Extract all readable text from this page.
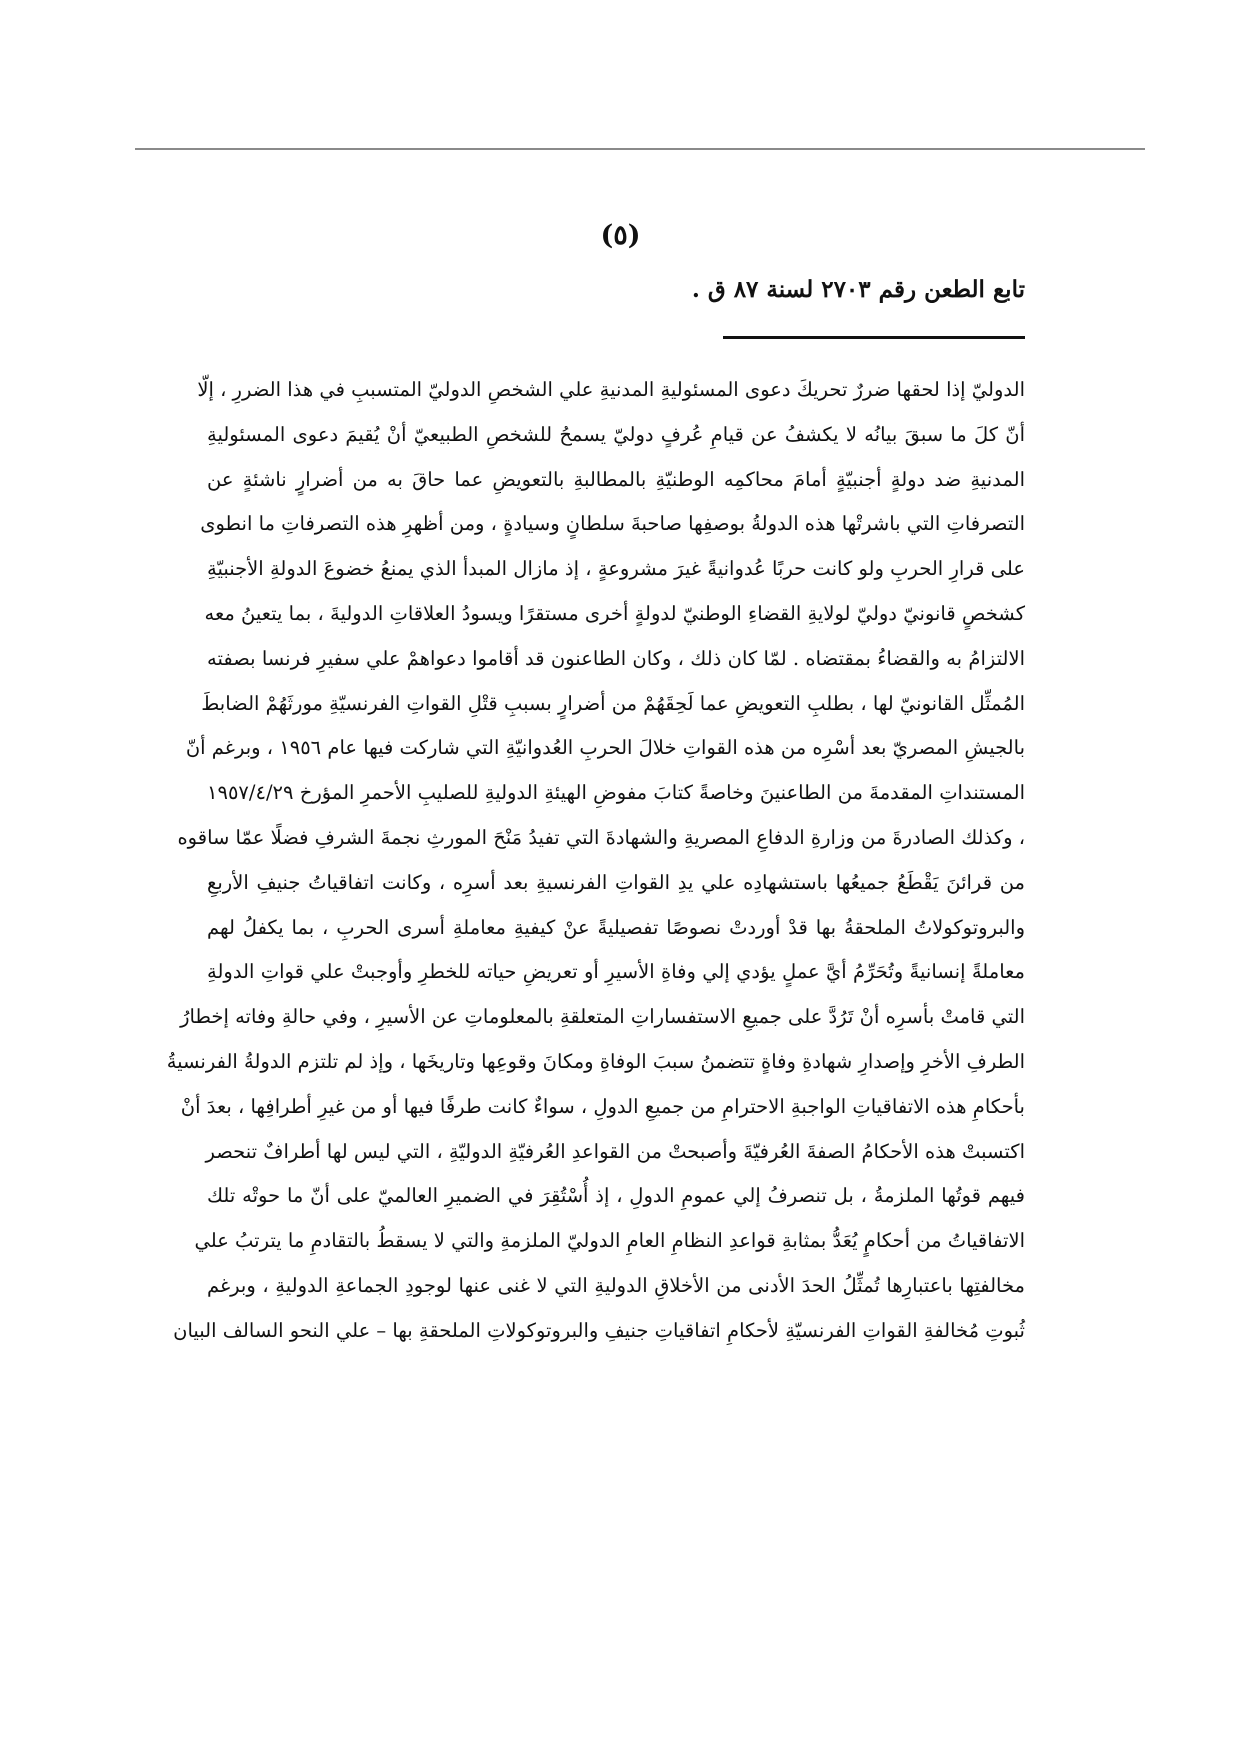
(٥)
تابع الطعن رقم ٢٧٠٣ لسنة ٨٧ ق .
الدوليّ إذا لحقها ضررٌ تحريكَ دعوى المسئوليةِ المدنيةِ علي الشخصِ الدوليّ المتسببِ في هذا الضررِ ، إلّا
أنّ كلَ ما سبقَ بيانُه لا يكشفُ عن قيامِ عُرفٍ دوليّ يسمحُ للشخصِ الطبيعيّ أنْ يُقيمَ دعوى المسئوليةِ
المدنيةِ ضد دولةٍ أجنبيّةٍ أمامَ محاكمِه الوطنيّةِ بالمطالبةِ بالتعويضِ عما حاقَ به من أضرارٍ ناشئةٍ عن
التصرفاتِ التي باشرتْها هذه الدولةُ بوصفِها صاحبةَ سلطانٍ وسيادةٍ ، ومن أظهرِ هذه التصرفاتِ ما انطوى
على قرارِ الحربِ ولو كانت حربًا عُدوانيةً غيرَ مشروعةٍ ، إذ مازال المبدأ الذي يمنعُ خضوعَ الدولةِ الأجنبيّةِ
كشخصٍ قانونيّ دوليّ لولايةِ القضاءِ الوطنيّ لدولةٍ أخرى مستقرًا ويسودُ العلاقاتِ الدوليةَ ، بما يتعينُ معه
الالتزامُ به والقضاءُ بمقتضاه . لمّا كان ذلك ، وكان الطاعنون قد أقاموا دعواهمْ علي سفيرِ فرنسا بصفته
المُمثِّل القانونيّ لها ، بطلبِ التعويضِ عما لَحِقَهُمْ من أضرارٍ بسببِ قتْلِ القواتِ الفرنسيّةِ مورثَهُمْ الضابطَ
بالجيشِ المصريّ بعد أسْرِه من هذه القواتِ خلالَ الحربِ العُدوانيّةِ التي شاركت فيها عام ١٩٥٦ ، وبرغم أنّ
المستنداتِ المقدمةَ من الطاعنينَ وخاصةً كتابَ مفوضِ الهيئةِ الدوليةِ للصليبِ الأحمرِ المؤرخ ١٩٥٧/٤/٢٩
، وكذلك الصادرةَ من وزارةِ الدفاعِ المصريةِ والشهادةَ التي تفيدُ مَنْحَ المورثِ نجمةَ الشرفِ فضلًا عمّا ساقوه
من قرائنَ يَقْطَعُ جميعُها باستشهادِه علي يدِ القواتِ الفرنسيةِ بعد أسرِه ، وكانت اتفاقياتُ جنيفِ الأربعِ
والبروتوكولاتُ الملحقةُ بها قدْ أوردتْ نصوصًا تفصيليةً عنْ كيفيةِ معاملةِ أسرى الحربِ ، بما يكفلُ لهم
معاملةً إنسانيةً وتُحَرِّمُ أيَّ عملٍ يؤدي إلي وفاةِ الأسيرِ أو تعريضِ حياته للخطرِ وأوجبتْ علي قواتِ الدولةِ
التي قامتْ بأسرِه أنْ تَرُدَّ على جميعِ الاستفساراتِ المتعلقةِ بالمعلوماتِ عن الأسيرِ ، وفي حالةِ وفاته إخطارُ
الطرفِ الأخرِ وإصدارِ شهادةِ وفاةٍ تتضمنُ سببَ الوفاةِ ومكانَ وقوعِها وتاريخَها ، وإذ لم تلتزم الدولةُ الفرنسيةُ
بأحكامِ هذه الاتفاقياتِ الواجبةِ الاحترامِ من جميعِ الدولِ ، سواءٌ كانت طرفًا فيها أو من غيرِ أطرافِها ، بعدَ أنْ
اكتسبتْ هذه الأحكامُ الصفةَ العُرفيّةَ وأصبحتْ من القواعدِ العُرفيّةِ الدوليّةِ ، التي ليس لها أطرافٌ تنحصر
فيهم قوتُها الملزمةُ ، بل تنصرفُ إلي عمومِ الدولِ ، إذ أُسْتُقِرَ في الضميرِ العالميّ على أنّ ما حوتْه تلك
الاتفاقياتُ من أحكامٍ يُعَدُّ بمثابةِ قواعدِ النظامِ العامِ الدوليّ الملزمةِ والتي لا يسقطُ بالتقادمِ ما يترتبُ علي
مخالفتِها باعتبارِها تُمثِّلُ الحدَ الأدنى من الأخلاقِ الدوليةِ التي لا غنى عنها لوجودِ الجماعةِ الدوليةِ ، وبرغم
ثُبوتِ مُخالفةِ القواتِ الفرنسيّةِ لأحكامِ اتفاقياتِ جنيفِ والبروتوكولاتِ الملحقةِ بها – علي النحو السالف البيان
